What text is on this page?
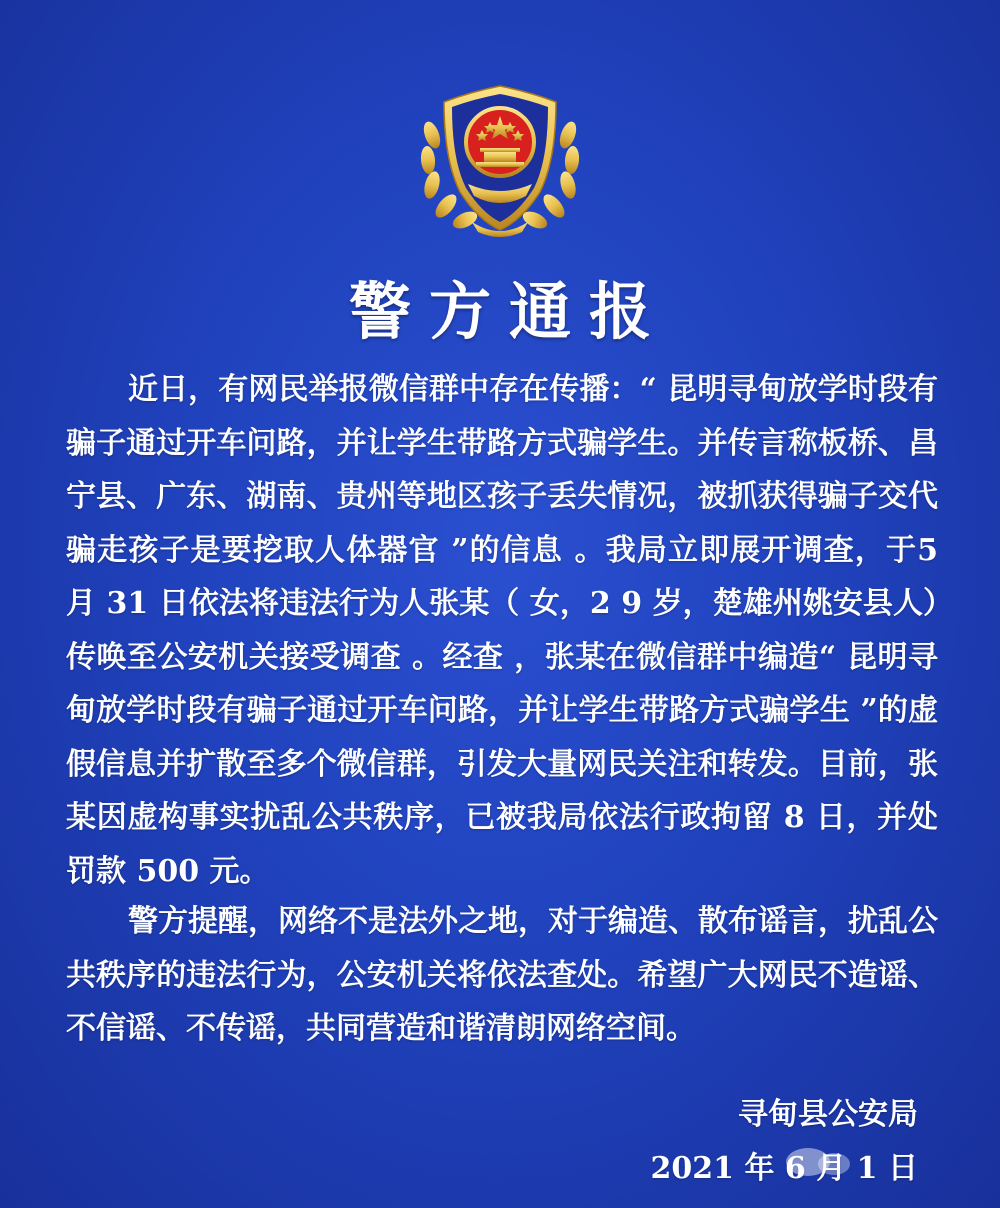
警方通报

近日，有网民举报微信群中存在传播：“ 昆明寻甸放学时段有骗子通过开车问路，并让学生带路方式骗学生。并传言称板桥、昌宁县、广东、湖南、贵州等地区孩子丢失情况，被抓获得骗子交代骗走孩子是要挖取人体器官 ”的信息 。我局立即展开调查，于5 月 31 日依法将违法行为人张某（ 女，2 9 岁，楚雄州姚安县人）传唤至公安机关接受调查 。经查 ，张某在微信群中编造“ 昆明寻甸放学时段有骗子通过开车问路，并让学生带路方式骗学生 ”的虚假信息并扩散至多个微信群，引发大量网民关注和转发。目前，张某因虚构事实扰乱公共秩序，已被我局依法行政拘留 8 日，并处罚款 500 元。

警方提醒，网络不是法外之地，对于编造、散布谣言，扰乱公共秩序的违法行为，公安机关将依法查处。希望广大网民不造谣、不信谣、不传谣，共同营造和谐清朗网络空间。

寻甸县公安局
2021 年 6 月 1 日
